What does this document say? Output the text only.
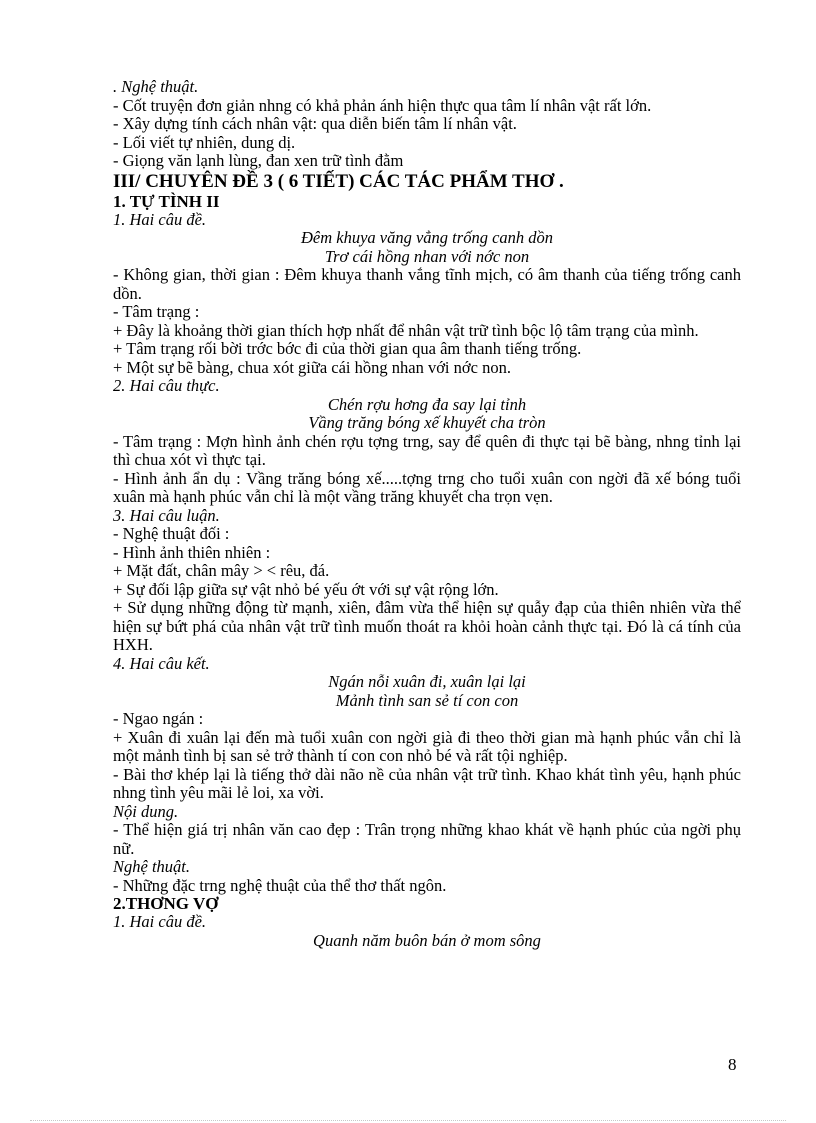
. Nghệ thuật.

- Cốt truyện đơn giản nhng có khả phản ánh hiện thực qua tâm lí nhân vật rất lớn.

- Xây dựng tính cách nhân vật: qua diễn biến tâm lí nhân vật.

- Lối viết tự nhiên, dung dị.

- Giọng văn lạnh lùng, đan xen trữ tình đằm

III/ CHUYÊN ĐỀ 3 ( 6 TIẾT) CÁC TÁC PHẨM THƠ .

1. TỰ TÌNH II

1. Hai câu đề.

Đêm khuya văng vẳng trống canh dồn

Trơ cái hồng nhan với nớc non

- Không gian, thời gian : Đêm khuya thanh vắng tĩnh mịch, có âm thanh của tiếng trống canh dồn.

- Tâm trạng :

+ Đây là khoảng thời gian thích hợp nhất để nhân vật trữ tình bộc lộ tâm trạng của mình.

+ Tâm trạng rối bời trớc bớc đi của thời gian qua âm thanh tiếng trống.

+ Một sự bẽ bàng, chua xót giữa cái hồng nhan với nớc non.

2. Hai câu thực.

Chén rợu hơng đa say lại tỉnh

Vầng trăng bóng xế khuyết cha tròn

- Tâm trạng : Mợn hình ảnh chén rợu tợng trng, say để quên đi thực tại bẽ bàng, nhng tỉnh lại thì chua xót vì thực tại.

- Hình ảnh ẩn dụ : Vầng trăng bóng xế.....tợng trng cho tuổi xuân con ngời đã xế bóng tuổi xuân mà hạnh phúc vẫn chỉ là một vầng trăng khuyết cha trọn vẹn.

3. Hai câu luận.

- Nghệ thuật đối :

- Hình ảnh thiên nhiên :

+ Mặt đất, chân mây > < rêu, đá.

+ Sự đối lập giữa sự vật nhỏ bé yếu ớt với sự vật rộng lớn.

+ Sử dụng những động từ mạnh, xiên, đâm vừa thể hiện sự quẫy đạp của thiên nhiên vừa thể hiện sự bứt phá của nhân vật trữ tình muốn thoát ra khỏi hoàn cảnh thực tại. Đó là cá tính của HXH.

4. Hai câu kết.

Ngán nỗi xuân đi, xuân lại lại

Mảnh tình san sẻ tí con con

- Ngao ngán :

+ Xuân đi xuân lại đến mà tuổi xuân con ngời già đi theo thời gian mà hạnh phúc vẫn chỉ là một mảnh tình bị san sẻ trở thành tí con con nhỏ bé và rất tội nghiệp.

- Bài thơ khép lại là tiếng thở dài não nề của nhân vật trữ tình. Khao khát tình yêu, hạnh phúc nhng tình yêu mãi lẻ loi, xa vời.

Nội dung.

- Thể hiện giá trị nhân văn cao đẹp : Trân trọng những khao khát về hạnh phúc của ngời phụ nữ.

Nghệ thuật.

- Những đặc trng nghệ thuật của thể thơ thất ngôn.

2.THƠNG VỢ

1. Hai câu đề.

Quanh năm buôn bán ở mom sông

8
